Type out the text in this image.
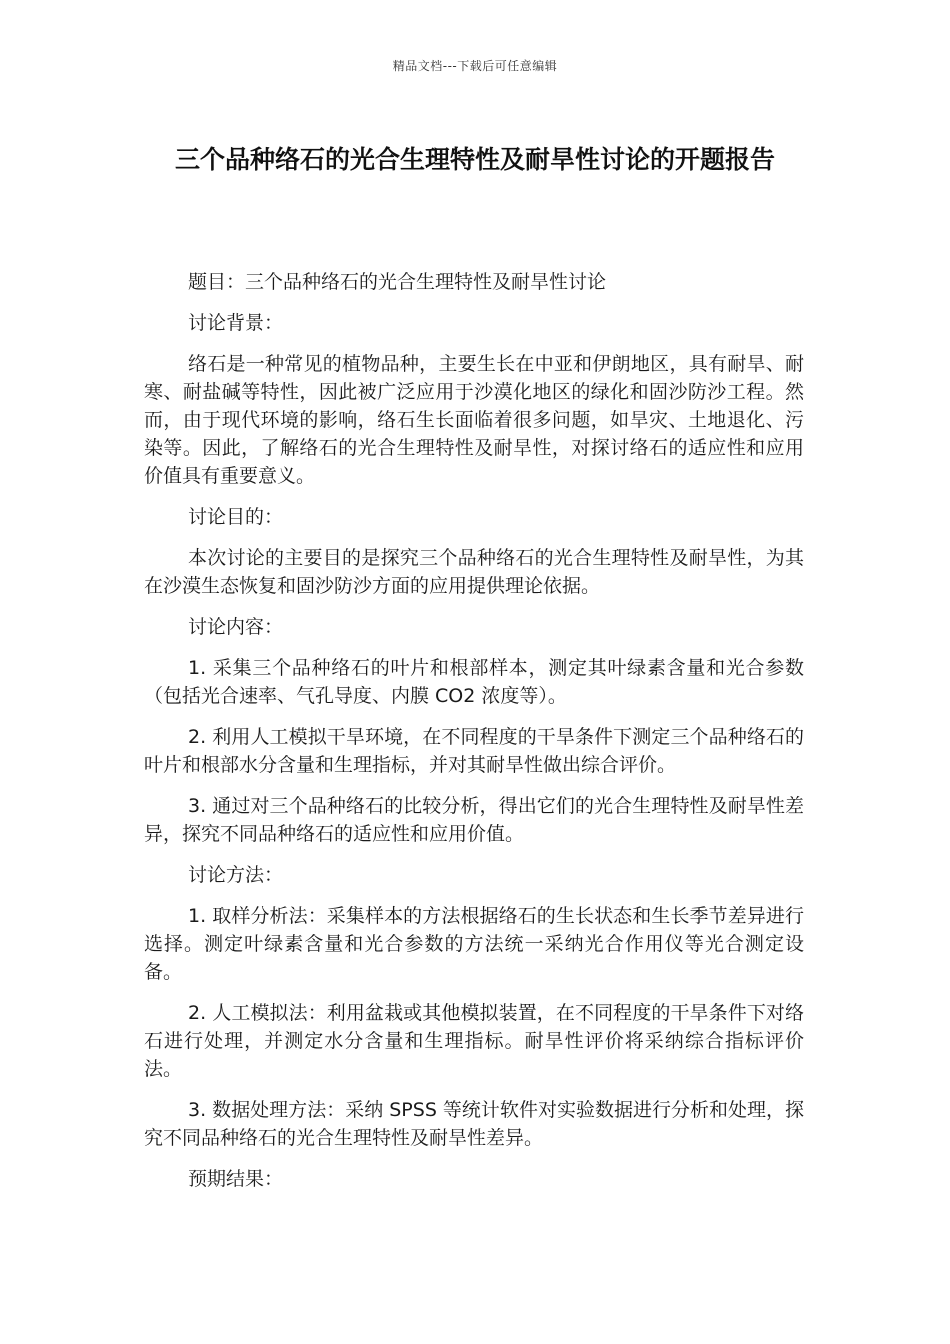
精品文档---下载后可任意编辑
三个品种络石的光合生理特性及耐旱性讨论的开题报告

题目：三个品种络石的光合生理特性及耐旱性讨论

讨论背景：

络石是一种常见的植物品种，主要生长在中亚和伊朗地区，具有耐旱、耐寒、耐盐碱等特性，因此被广泛应用于沙漠化地区的绿化和固沙防沙工程。然而，由于现代环境的影响，络石生长面临着很多问题，如旱灾、土地退化、污染等。因此，了解络石的光合生理特性及耐旱性，对探讨络石的适应性和应用价值具有重要意义。

讨论目的：

本次讨论的主要目的是探究三个品种络石的光合生理特性及耐旱性，为其在沙漠生态恢复和固沙防沙方面的应用提供理论依据。

讨论内容：

1. 采集三个品种络石的叶片和根部样本，测定其叶绿素含量和光合参数（包括光合速率、气孔导度、内膜 CO2 浓度等）。

2. 利用人工模拟干旱环境，在不同程度的干旱条件下测定三个品种络石的叶片和根部水分含量和生理指标，并对其耐旱性做出综合评价。

3. 通过对三个品种络石的比较分析，得出它们的光合生理特性及耐旱性差异，探究不同品种络石的适应性和应用价值。

讨论方法：

1. 取样分析法：采集样本的方法根据络石的生长状态和生长季节差异进行选择。测定叶绿素含量和光合参数的方法统一采纳光合作用仪等光合测定设备。

2. 人工模拟法：利用盆栽或其他模拟装置，在不同程度的干旱条件下对络石进行处理，并测定水分含量和生理指标。耐旱性评价将采纳综合指标评价法。

3. 数据处理方法：采纳 SPSS 等统计软件对实验数据进行分析和处理，探究不同品种络石的光合生理特性及耐旱性差异。

预期结果：
